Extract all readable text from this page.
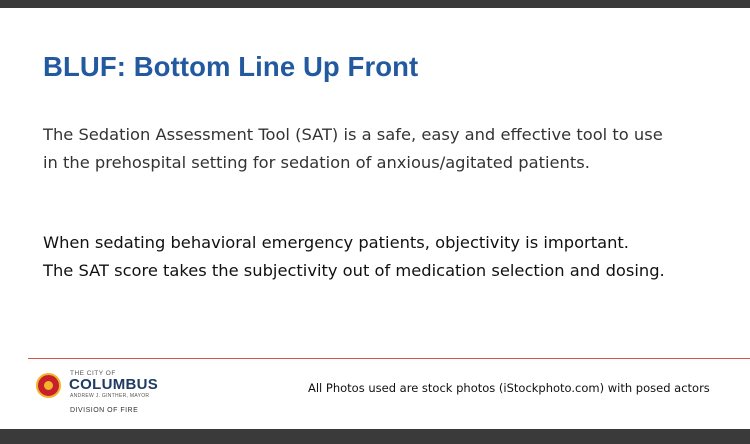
BLUF: Bottom Line Up Front
The Sedation Assessment Tool (SAT) is a safe, easy and effective tool to use
in the prehospital setting for sedation of anxious/agitated patients.
When sedating behavioral emergency patients, objectivity is important.
The SAT score takes the subjectivity out of medication selection and dosing.
THE CITY OF
COLUMBUS
ANDREW J. GINTHER, MAYOR
DIVISION OF FIRE
All Photos used are stock photos (iStockphoto.com) with posed actors
